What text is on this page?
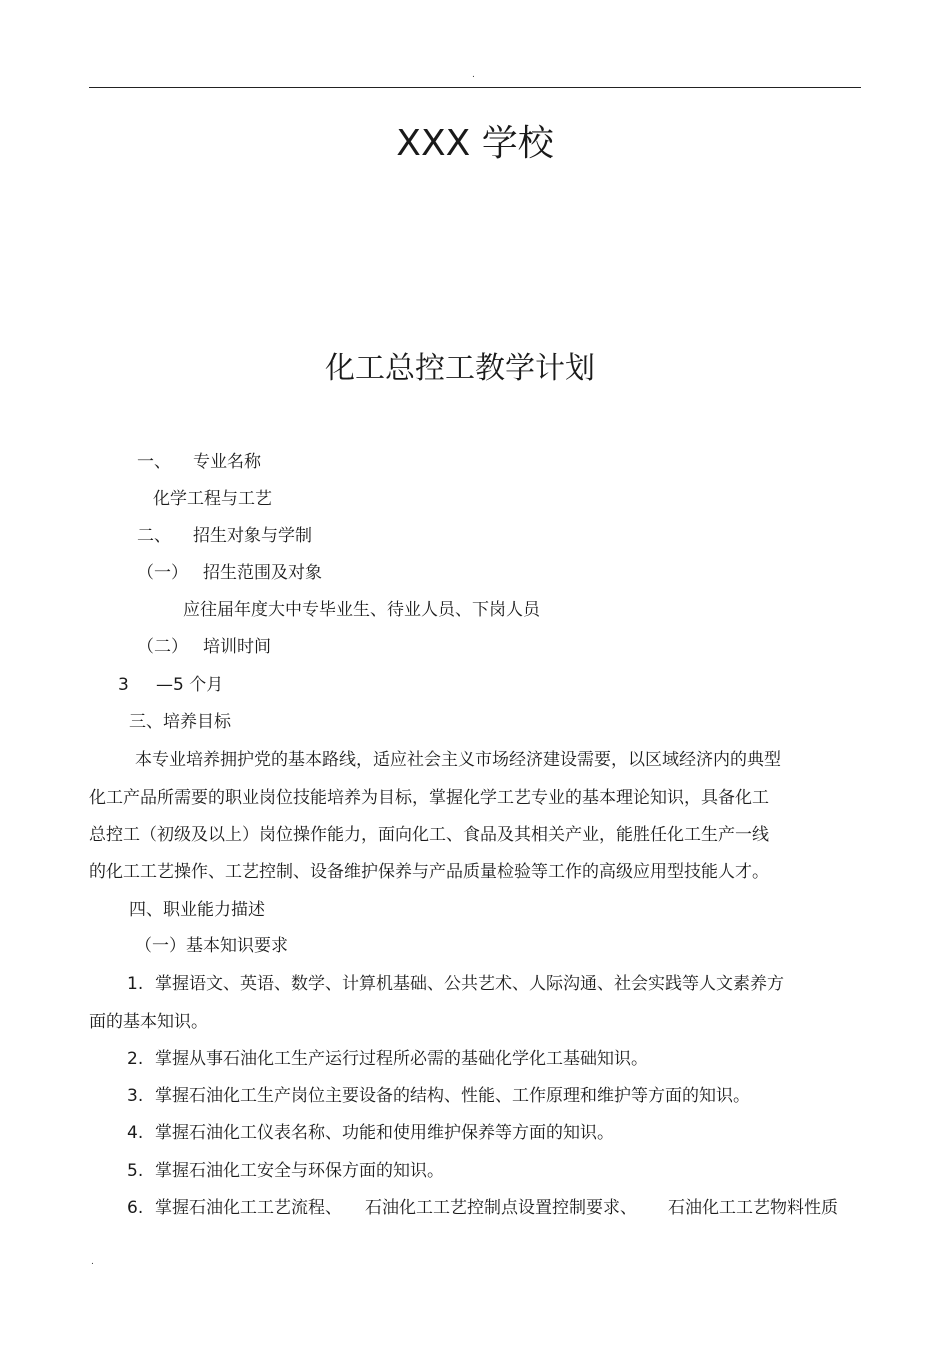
.
XXX 学校
化工总控工教学计划
一、 专业名称
化学工程与工艺
二、 招生对象与学制
（一） 招生范围及对象
应往届年度大中专毕业生、待业人员、下岗人员
（二） 培训时间
3 —5 个月
三、培养目标
本专业培养拥护党的基本路线，适应社会主义市场经济建设需要，以区域经济内的典型
化工产品所需要的职业岗位技能培养为目标，掌握化学工艺专业的基本理论知识，具备化工
总控工（初级及以上）岗位操作能力，面向化工、食品及其相关产业，能胜任化工生产一线
的化工工艺操作、工艺控制、设备维护保养与产品质量检验等工作的高级应用型技能人才。
四、职业能力描述
（一）基本知识要求
1. 掌握语文、英语、数学、计算机基础、公共艺术、人际沟通、社会实践等人文素养方
面的基本知识。
2. 掌握从事石油化工生产运行过程所必需的基础化学化工基础知识。
3. 掌握石油化工生产岗位主要设备的结构、性能、工作原理和维护等方面的知识。
4. 掌握石油化工仪表名称、功能和使用维护保养等方面的知识。
5. 掌握石油化工安全与环保方面的知识。
6. 掌握石油化工工艺流程、 石油化工工艺控制点设置控制要求、 石油化工工艺物料性质
.
